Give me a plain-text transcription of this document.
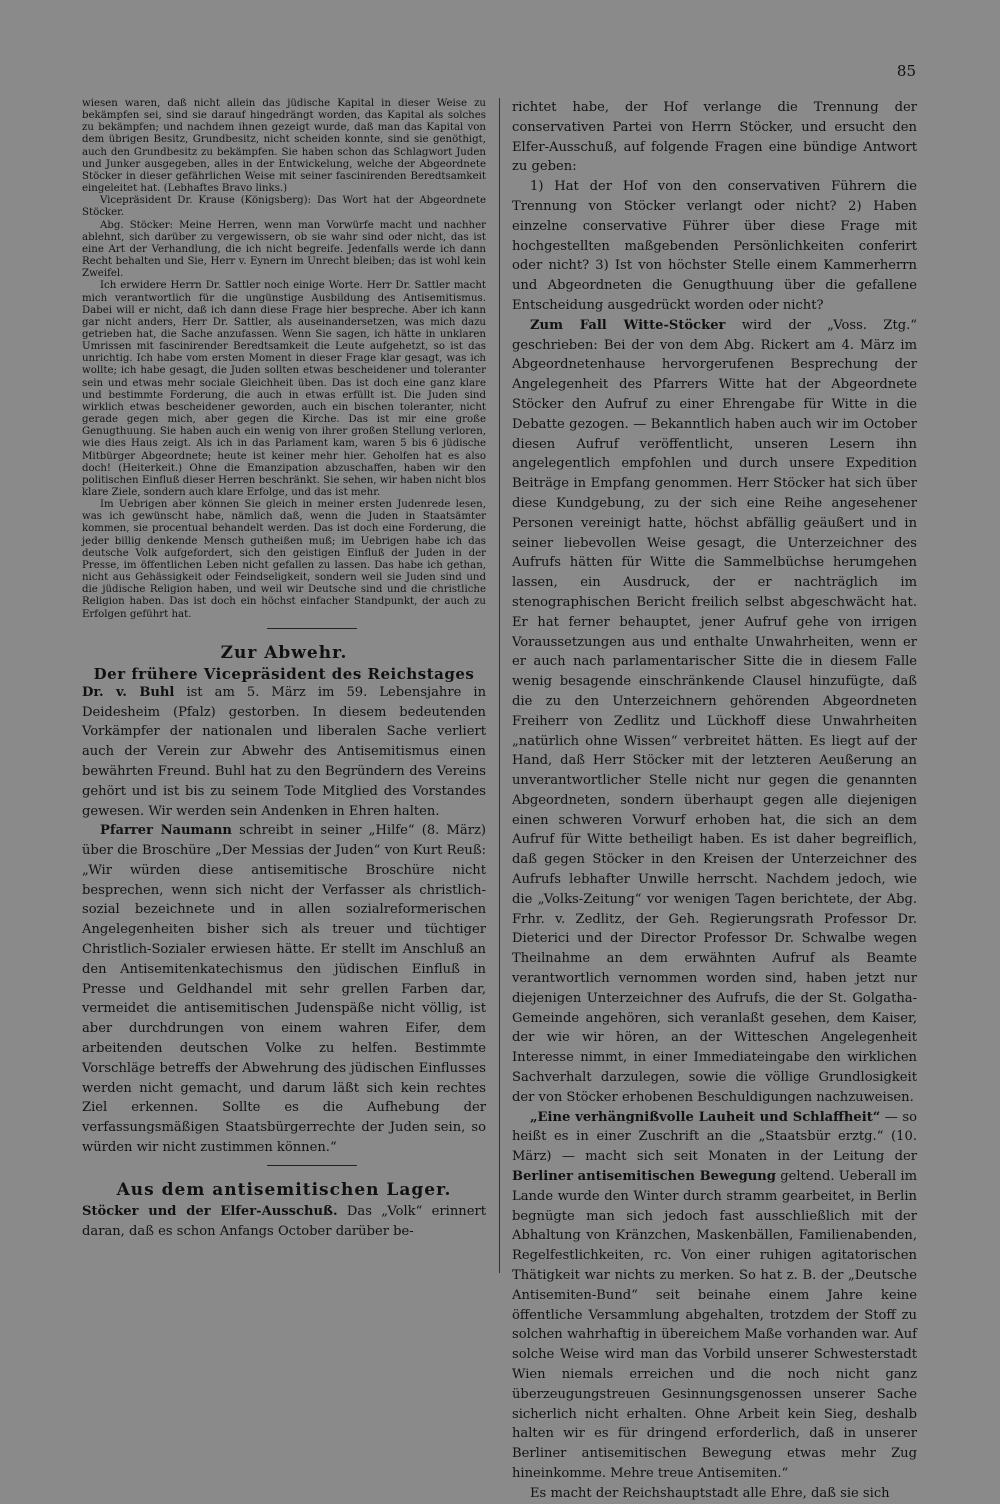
85

wiesen waren, daß nicht allein das jüdische Kapital in dieser Weise zu bekämpfen sei, sind sie darauf hingedrängt worden, das Kapital als solches zu bekämpfen; und nachdem ihnen gezeigt wurde, daß man das Kapital von dem übrigen Besitz, Grundbesitz, nicht scheiden konnte, sind sie genöthigt, auch den Grundbesitz zu bekämpfen. Sie haben schon das Schlagwort Juden und Junker ausgegeben, alles in der Entwickelung, welche der Abgeordnete Stöcker in dieser gefährlichen Weise mit seiner fascinirenden Beredtsamkeit eingeleitet hat. (Lebhaftes Bravo links.)

Vicepräsident Dr. Krause (Königsberg): Das Wort hat der Abgeordnete Stöcker.

Abg. Stöcker: Meine Herren, wenn man Vorwürfe macht und nachher ablehnt, sich darüber zu vergewissern, ob sie wahr sind oder nicht, das ist eine Art der Verhandlung, die ich nicht begreife. Jedenfalls werde ich dann Recht behalten und Sie, Herr v. Eynern im Unrecht bleiben; das ist wohl kein Zweifel.

Ich erwidere Herrn Dr. Sattler noch einige Worte. Herr Dr. Sattler macht mich verantwortlich für die ungünstige Ausbildung des Antisemitismus. Dabei will er nicht, daß ich dann diese Frage hier bespreche. Aber ich kann gar nicht anders, Herr Dr. Sattler, als auseinandersetzen, was mich dazu getrieben hat, die Sache anzufassen. Wenn Sie sagen, ich hätte in unklaren Umrissen mit fascinirender Beredtsamkeit die Leute aufgehetzt, so ist das unrichtig. Ich habe vom ersten Moment in dieser Frage klar gesagt, was ich wollte; ich habe gesagt, die Juden sollten etwas bescheidener und toleranter sein und etwas mehr sociale Gleichheit üben. Das ist doch eine ganz klare und bestimmte Forderung, die auch in etwas erfüllt ist. Die Juden sind wirklich etwas bescheidener geworden, auch ein bischen toleranter, nicht gerade gegen mich, aber gegen die Kirche. Das ist mir eine große Genugthuung. Sie haben auch ein wenig von ihrer großen Stellung verloren, wie dies Haus zeigt. Als ich in das Parlament kam, waren 5 bis 6 jüdische Mitbürger Abgeordnete; heute ist keiner mehr hier. Geholfen hat es also doch! (Heiterkeit.) Ohne die Emanzipation abzuschaffen, haben wir den politischen Einfluß dieser Herren beschränkt. Sie sehen, wir haben nicht blos klare Ziele, sondern auch klare Erfolge, und das ist mehr.

Im Uebrigen aber können Sie gleich in meiner ersten Judenrede lesen, was ich gewünscht habe, nämlich daß, wenn die Juden in Staatsämter kommen, sie procentual behandelt werden. Das ist doch eine Forderung, die jeder billig denkende Mensch gutheißen muß; im Uebrigen habe ich das deutsche Volk aufgefordert, sich den geistigen Einfluß der Juden in der Presse, im öffentlichen Leben nicht gefallen zu lassen. Das habe ich gethan, nicht aus Gehässigkeit oder Feindseligkeit, sondern weil sie Juden sind und die jüdische Religion haben, und weil wir Deutsche sind und die christliche Religion haben. Das ist doch ein höchst einfacher Standpunkt, der auch zu Erfolgen geführt hat.

Zur Abwehr.
Der frühere Vicepräsident des Reichstages

Dr. v. Buhl ist am 5. März im 59. Lebensjahre in Deidesheim (Pfalz) gestorben. In diesem bedeutenden Vorkämpfer der nationalen und liberalen Sache verliert auch der Verein zur Abwehr des Antisemitismus einen bewährten Freund. Buhl hat zu den Begründern des Vereins gehört und ist bis zu seinem Tode Mitglied des Vorstandes gewesen. Wir werden sein Andenken in Ehren halten.

Pfarrer Naumann schreibt in seiner „Hilfe“ (8. März) über die Broschüre „Der Messias der Juden“ von Kurt Reuß: „Wir würden diese antisemitische Broschüre nicht besprechen, wenn sich nicht der Verfasser als christlich-sozial bezeichnete und in allen sozialreformerischen Angelegenheiten bisher sich als treuer und tüchtiger Christlich-Sozialer erwiesen hätte. Er stellt im Anschluß an den Antisemitenkatechismus den jüdischen Einfluß in Presse und Geldhandel mit sehr grellen Farben dar, vermeidet die antisemitischen Judenspäße nicht völlig, ist aber durchdrungen von einem wahren Eifer, dem arbeitenden deutschen Volke zu helfen. Bestimmte Vorschläge betreffs der Abwehrung des jüdischen Einflusses werden nicht gemacht, und darum läßt sich kein rechtes Ziel erkennen. Sollte es die Aufhebung der verfassungsmäßigen Staatsbürgerrechte der Juden sein, so würden wir nicht zustimmen können.“

Aus dem antisemitischen Lager.

Stöcker und der Elfer-Ausschuß. Das „Volk“ erinnert daran, daß es schon Anfangs October darüber be-

richtet habe, der Hof verlange die Trennung der conservativen Partei von Herrn Stöcker, und ersucht den Elfer-Ausschuß, auf folgende Fragen eine bündige Antwort zu geben:

1) Hat der Hof von den conservativen Führern die Trennung von Stöcker verlangt oder nicht? 2) Haben einzelne conservative Führer über diese Frage mit hochgestellten maßgebenden Persönlichkeiten conferirt oder nicht? 3) Ist von höchster Stelle einem Kammerherrn und Abgeordneten die Genugthuung über die gefallene Entscheidung ausgedrückt worden oder nicht?

Zum Fall Witte-Stöcker wird der „Voss. Ztg.“ geschrieben: Bei der von dem Abg. Rickert am 4. März im Abgeordnetenhause hervorgerufenen Besprechung der Angelegenheit des Pfarrers Witte hat der Abgeordnete Stöcker den Aufruf zu einer Ehrengabe für Witte in die Debatte gezogen. — Bekanntlich haben auch wir im October diesen Aufruf veröffentlicht, unseren Lesern ihn angelegentlich empfohlen und durch unsere Expedition Beiträge in Empfang genommen. Herr Stöcker hat sich über diese Kundgebung, zu der sich eine Reihe angesehener Personen vereinigt hatte, höchst abfällig geäußert und in seiner liebevollen Weise gesagt, die Unterzeichner des Aufrufs hätten für Witte die Sammelbüchse herumgehen lassen, ein Ausdruck, der er nachträglich im stenographischen Bericht freilich selbst abgeschwächt hat. Er hat ferner behauptet, jener Aufruf gehe von irrigen Voraussetzungen aus und enthalte Unwahrheiten, wenn er er auch nach parlamentarischer Sitte die in diesem Falle wenig besagende einschränkende Clausel hinzufügte, daß die zu den Unterzeichnern gehörenden Abgeordneten Freiherr von Zedlitz und Lückhoff diese Unwahrheiten „natürlich ohne Wissen“ verbreitet hätten. Es liegt auf der Hand, daß Herr Stöcker mit der letzteren Aeußerung an unverantwortlicher Stelle nicht nur gegen die genannten Abgeordneten, sondern überhaupt gegen alle diejenigen einen schweren Vorwurf erhoben hat, die sich an dem Aufruf für Witte betheiligt haben. Es ist daher begreiflich, daß gegen Stöcker in den Kreisen der Unterzeichner des Aufrufs lebhafter Unwille herrscht. Nachdem jedoch, wie die „Volks-Zeitung“ vor wenigen Tagen berichtete, der Abg. Frhr. v. Zedlitz, der Geh. Regierungsrath Professor Dr. Dieterici und der Director Professor Dr. Schwalbe wegen Theilnahme an dem erwähnten Aufruf als Beamte verantwortlich vernommen worden sind, haben jetzt nur diejenigen Unterzeichner des Aufrufs, die der St. Golgatha-Gemeinde angehören, sich veranlaßt gesehen, dem Kaiser, der wie wir hören, an der Witteschen Angelegenheit Interesse nimmt, in einer Immediateingabe den wirklichen Sachverhalt darzulegen, sowie die völlige Grundlosigkeit der von Stöcker erhobenen Beschuldigungen nachzuweisen.

„Eine verhängnißvolle Lauheit und Schlaffheit“ — so heißt es in einer Zuschrift an die „Staatsbür erztg.“ (10. März) — macht sich seit Monaten in der Leitung der Berliner antisemitischen Bewegung geltend. Ueberall im Lande wurde den Winter durch stramm gearbeitet, in Berlin begnügte man sich jedoch fast ausschließlich mit der Abhaltung von Kränzchen, Maskenbällen, Familienabenden, Regelfestlichkeiten, rc. Von einer ruhigen agitatorischen Thätigkeit war nichts zu merken. So hat z. B. der „Deutsche Antisemiten-Bund“ seit beinahe einem Jahre keine öffentliche Versammlung abgehalten, trotzdem der Stoff zu solchen wahrhaftig in übereichem Maße vorhanden war. Auf solche Weise wird man das Vorbild unserer Schwesterstadt Wien niemals erreichen und die noch nicht ganz überzeugungstreuen Gesinnungsgenossen unserer Sache sicherlich nicht erhalten. Ohne Arbeit kein Sieg, deshalb halten wir es für dringend erforderlich, daß in unserer Berliner antisemitischen Bewegung etwas mehr Zug hineinkomme. Mehre treue Antisemiten.“

Es macht der Reichshauptstadt alle Ehre, daß sie sich
